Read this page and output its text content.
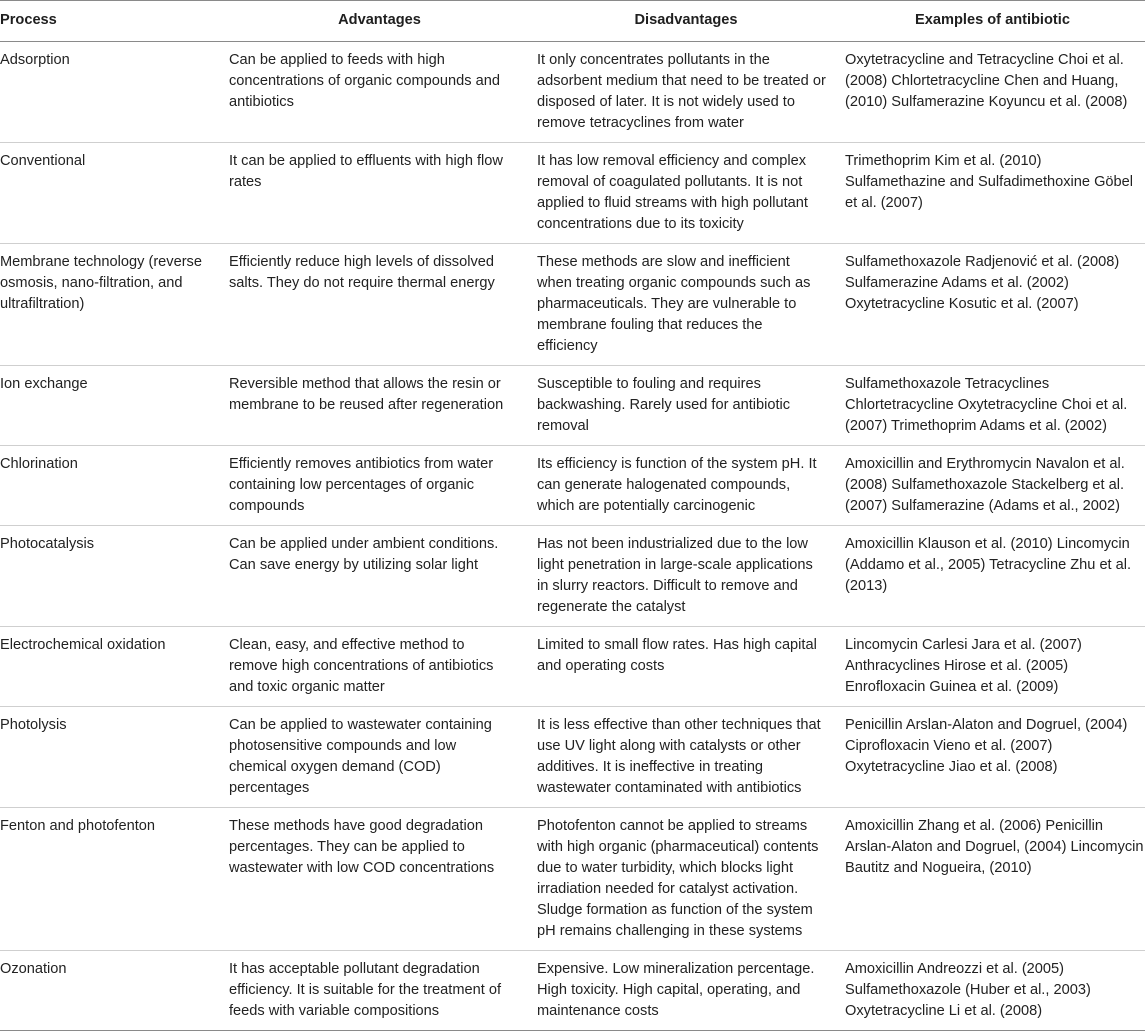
Process	Advantages	Disadvantages	Examples of antibiotic
Adsorption	Can be applied to feeds with high concentrations of organic compounds and antibiotics	It only concentrates pollutants in the adsorbent medium that need to be treated or disposed of later. It is not widely used to remove tetracyclines from water	Oxytetracycline and Tetracycline Choi et al. (2008) Chlortetracycline Chen and Huang, (2010) Sulfamerazine Koyuncu et al. (2008)
Conventional	It can be applied to effluents with high flow rates	It has low removal efficiency and complex removal of coagulated pollutants. It is not applied to fluid streams with high pollutant concentrations due to its toxicity	Trimethoprim Kim et al. (2010) Sulfamethazine and Sulfadimethoxine Göbel et al. (2007)
Membrane technology (reverse osmosis, nano-filtration, and ultrafiltration)	Efficiently reduce high levels of dissolved salts. They do not require thermal energy	These methods are slow and inefficient when treating organic compounds such as pharmaceuticals. They are vulnerable to membrane fouling that reduces the efficiency	Sulfamethoxazole Radjenović et al. (2008) Sulfamerazine Adams et al. (2002) Oxytetracycline Kosutic et al. (2007)
Ion exchange	Reversible method that allows the resin or membrane to be reused after regeneration	Susceptible to fouling and requires backwashing. Rarely used for antibiotic removal	Sulfamethoxazole Tetracyclines Chlortetracycline Oxytetracycline Choi et al. (2007) Trimethoprim Adams et al. (2002)
Chlorination	Efficiently removes antibiotics from water containing low percentages of organic compounds	Its efficiency is function of the system pH. It can generate halogenated compounds, which are potentially carcinogenic	Amoxicillin and Erythromycin Navalon et al. (2008) Sulfamethoxazole Stackelberg et al. (2007) Sulfamerazine (Adams et al., 2002)
Photocatalysis	Can be applied under ambient conditions. Can save energy by utilizing solar light	Has not been industrialized due to the low light penetration in large-scale applications in slurry reactors. Difficult to remove and regenerate the catalyst	Amoxicillin Klauson et al. (2010) Lincomycin (Addamo et al., 2005) Tetracycline Zhu et al. (2013)
Electrochemical oxidation	Clean, easy, and effective method to remove high concentrations of antibiotics and toxic organic matter	Limited to small flow rates. Has high capital and operating costs	Lincomycin Carlesi Jara et al. (2007) Anthracyclines Hirose et al. (2005) Enrofloxacin Guinea et al. (2009)
Photolysis	Can be applied to wastewater containing photosensitive compounds and low chemical oxygen demand (COD) percentages	It is less effective than other techniques that use UV light along with catalysts or other additives. It is ineffective in treating wastewater contaminated with antibiotics	Penicillin Arslan-Alaton and Dogruel, (2004) Ciprofloxacin Vieno et al. (2007) Oxytetracycline Jiao et al. (2008)
Fenton and photofenton	These methods have good degradation percentages. They can be applied to wastewater with low COD concentrations	Photofenton cannot be applied to streams with high organic (pharmaceutical) contents due to water turbidity, which blocks light irradiation needed for catalyst activation. Sludge formation as function of the system pH remains challenging in these systems	Amoxicillin Zhang et al. (2006) Penicillin Arslan-Alaton and Dogruel, (2004) Lincomycin Bautitz and Nogueira, (2010)
Ozonation	It has acceptable pollutant degradation efficiency. It is suitable for the treatment of feeds with variable compositions	Expensive. Low mineralization percentage. High toxicity. High capital, operating, and maintenance costs	Amoxicillin Andreozzi et al. (2005) Sulfamethoxazole (Huber et al., 2003) Oxytetracycline Li et al. (2008)
